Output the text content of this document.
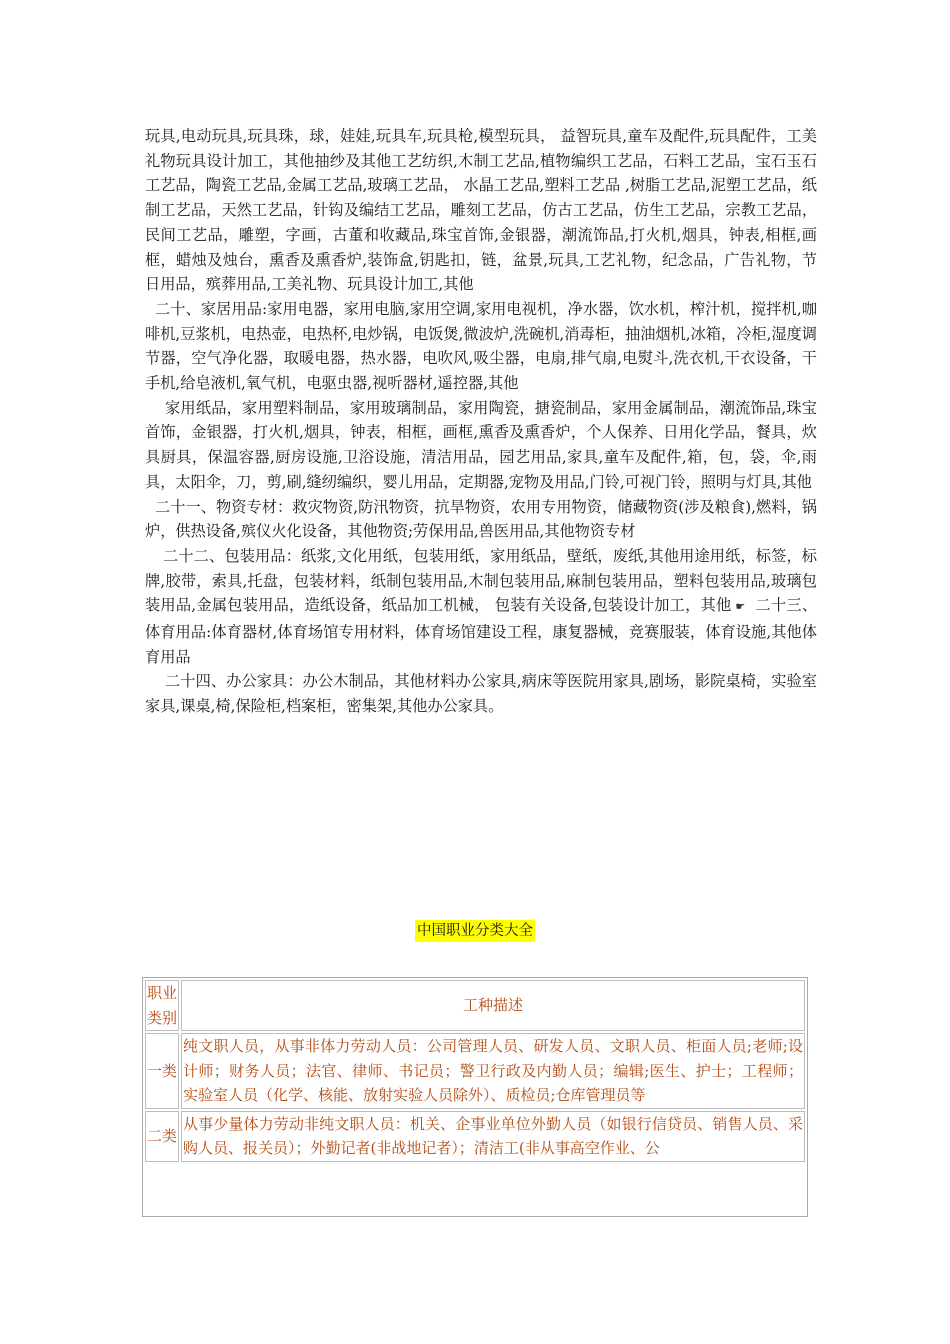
玩具,电动玩具,玩具珠，球，娃娃,玩具车,玩具枪,模型玩具， 益智玩具,童车及配件,玩具配件，工美礼物玩具设计加工，其他抽纱及其他工艺纺织,木制工艺品,植物编织工艺品，石料工艺品，宝石玉石工艺品，陶瓷工艺品,金属工艺品,玻璃工艺品， 水晶工艺品,塑料工艺品 ,树脂工艺品,泥塑工艺品，纸制工艺品，天然工艺品，针钩及编结工艺品，雕刻工艺品，仿古工艺品，仿生工艺品，宗教工艺品，民间工艺品，雕塑，字画，古董和收藏品,珠宝首饰,金银器，潮流饰品,打火机,烟具，钟表,相框,画框，蜡烛及烛台，熏香及熏香炉,装饰盒,钥匙扣，链，盆景,玩具,工艺礼物，纪念品，广告礼物，节日用品，殡葬用品,工美礼物、玩具设计加工,其他

二十、家居用品:家用电器，家用电脑,家用空调,家用电视机，净水器，饮水机，榨汁机，搅拌机,咖啡机,豆浆机，电热壶，电热杯,电炒锅，电饭煲,微波炉,洗碗机,消毒柜，抽油烟机,冰箱，冷柜,湿度调节器，空气净化器，取暖电器，热水器，电吹风,吸尘器，电扇,排气扇,电熨斗,洗衣机,干衣设备，干手机,给皂液机,氧气机，电驱虫器,视听器材,遥控器,其他

家用纸品，家用塑料制品，家用玻璃制品，家用陶瓷，搪瓷制品，家用金属制品，潮流饰品,珠宝首饰，金银器，打火机,烟具，钟表，相框，画框,熏香及熏香炉，个人保养、日用化学品，餐具，炊具厨具，保温容器,厨房设施,卫浴设施，清洁用品，园艺用品,家具,童车及配件,箱，包，袋，伞,雨具，太阳伞，刀，剪,刷,缝纫编织，婴儿用品，定期器,宠物及用品,门铃,可视门铃，照明与灯具,其他

二十一、物资专材：救灾物资,防汛物资，抗旱物资，农用专用物资，储藏物资(涉及粮食),燃料，锅炉，供热设备,殡仪火化设备，其他物资;劳保用品,兽医用品,其他物资专材

二十二、包装用品：纸浆,文化用纸，包装用纸，家用纸品，壁纸，废纸,其他用途用纸，标签，标牌,胶带，索具,托盘，包装材料，纸制包装用品,木制包装用品,麻制包装用品，塑料包装用品,玻璃包装用品,金属包装用品，造纸设备，纸品加工机械， 包装有关设备,包装设计加工，其他 ☛ 二十三、体育用品:体育器材,体育场馆专用材料，体育场馆建设工程，康复器械，竞赛服装，体育设施,其他体育用品

二十四、办公家具：办公木制品，其他材料办公家具,病床等医院用家具,剧场，影院桌椅，实验室家具,课桌,椅,保险柜,档案柜，密集架,其他办公家具。

中国职业分类大全
职业类别	工种描述
一类	纯文职人员，从事非体力劳动人员：公司管理人员、研发人员、文职人员、柜面人员;老师;设计师；财务人员；法官、律师、书记员；警卫行政及内勤人员；编辑;医生、护士；工程师；实验室人员（化学、核能、放射实验人员除外）、质检员;仓库管理员等
二类	从事少量体力劳动非纯文职人员：机关、企事业单位外勤人员（如银行信贷员、销售人员、采购人员、报关员）；外勤记者(非战地记者）；清洁工(非从事高空作业、公
